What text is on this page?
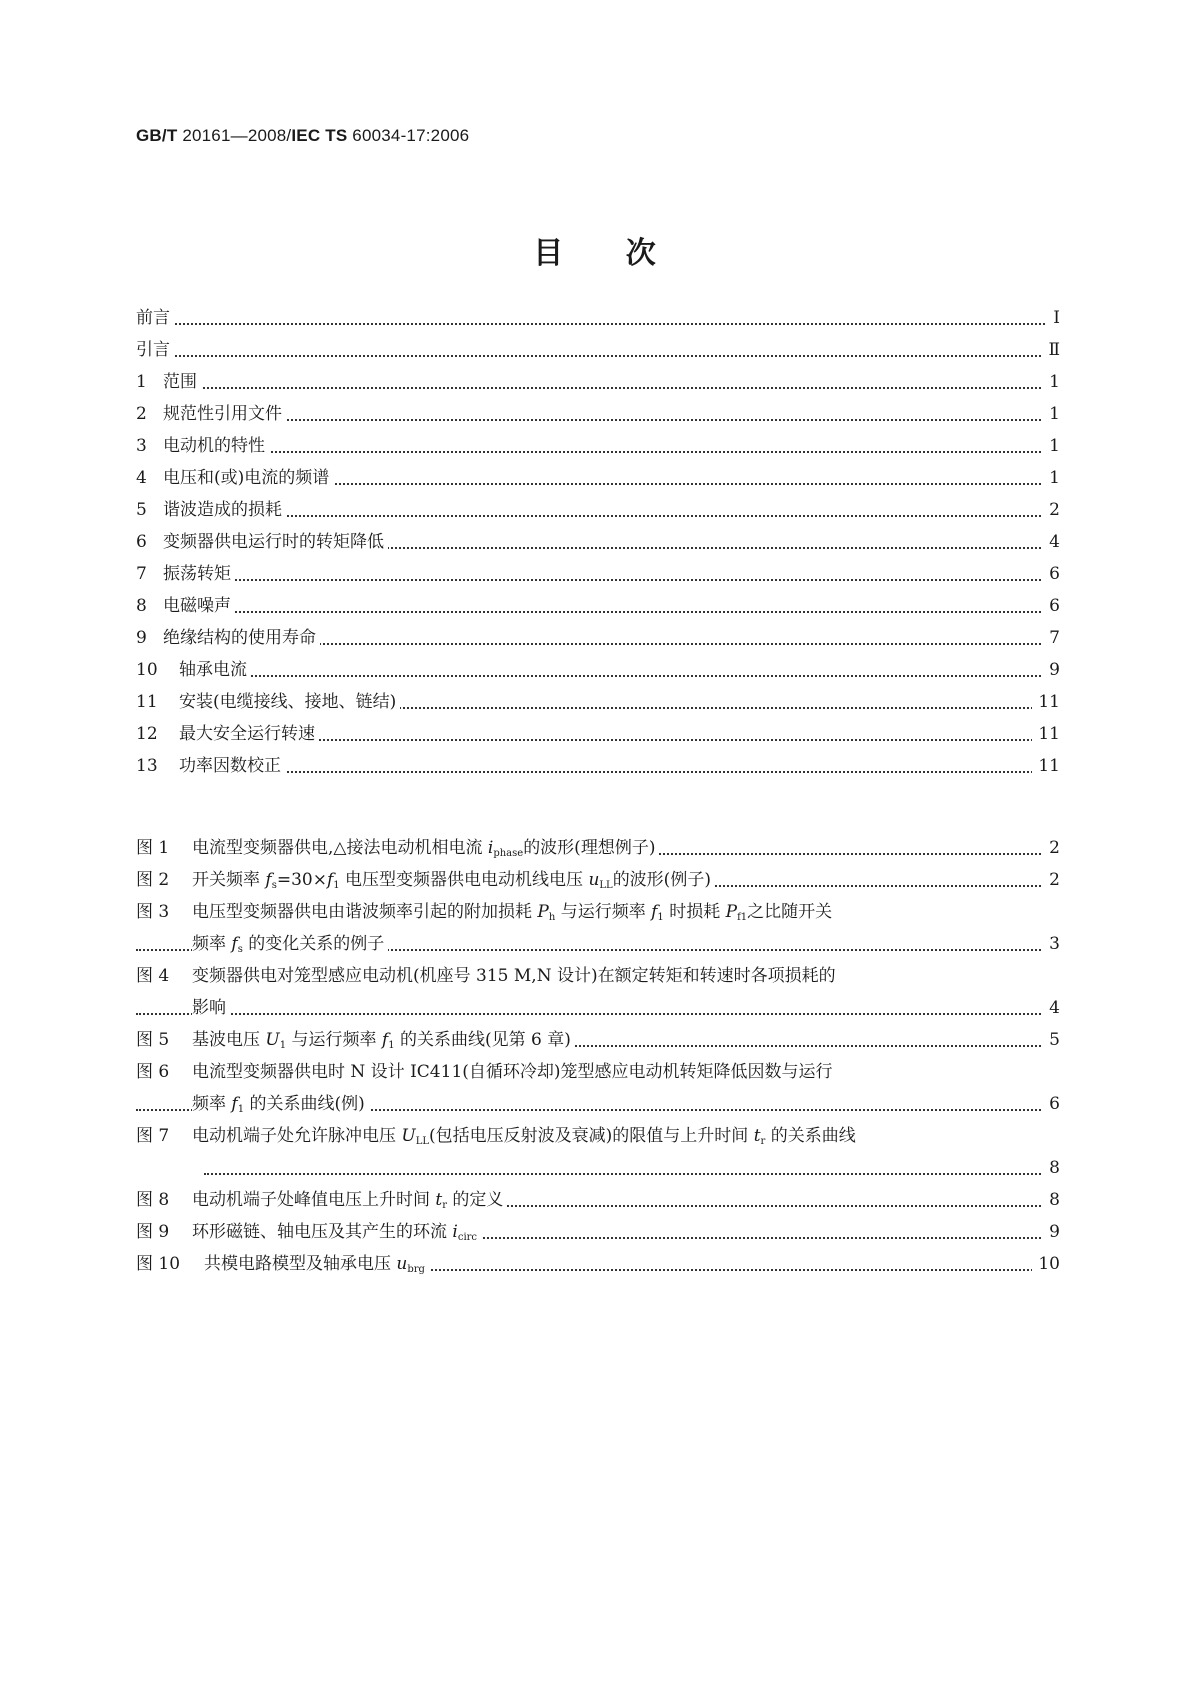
GB/T 20161—2008/IEC TS 60034-17:2006
目 次
前言	Ⅰ
引言	Ⅱ
1 范围	1
2 规范性引用文件	1
3 电动机的特性	1
4 电压和(或)电流的频谱	1
5 谐波造成的损耗	2
6 变频器供电运行时的转矩降低	4
7 振荡转矩	6
8 电磁噪声	6
9 绝缘结构的使用寿命	7
10 轴承电流	9
11 安装(电缆接线、接地、链结)	11
12 最大安全运行转速	11
13 功率因数校正	11
图 1 电流型变频器供电,△接法电动机相电流 $i_{phase}$的波形(理想例子)	2
图 2 开关频率 $f_s=30\times f_1$ 电压型变频器供电电动机线电压 $u_{LL}$的波形(例子)	2
图 3 电压型变频器供电由谐波频率引起的附加损耗 $P_h$ 与运行频率 $f_1$ 时损耗 $P_{f1}$之比随开关
频率 $f_s$ 的变化关系的例子	3
图 4 变频器供电对笼型感应电动机(机座号 315 M,N 设计)在额定转矩和转速时各项损耗的
影响	4
图 5 基波电压 $U_1$ 与运行频率 $f_1$ 的关系曲线(见第 6 章)	5
图 6 电流型变频器供电时 N 设计 IC411(自循环冷却)笼型感应电动机转矩降低因数与运行
频率 $f_1$ 的关系曲线(例)	6
图 7 电动机端子处允许脉冲电压 $U_{LL}$(包括电压反射波及衰减)的限值与上升时间 $t_r$ 的关系曲线
8
图 8 电动机端子处峰值电压上升时间 $t_r$ 的定义	8
图 9 环形磁链、轴电压及其产生的环流 $i_{circ}$	9
图 10 共模电路模型及轴承电压 $u_{brg}$	10
